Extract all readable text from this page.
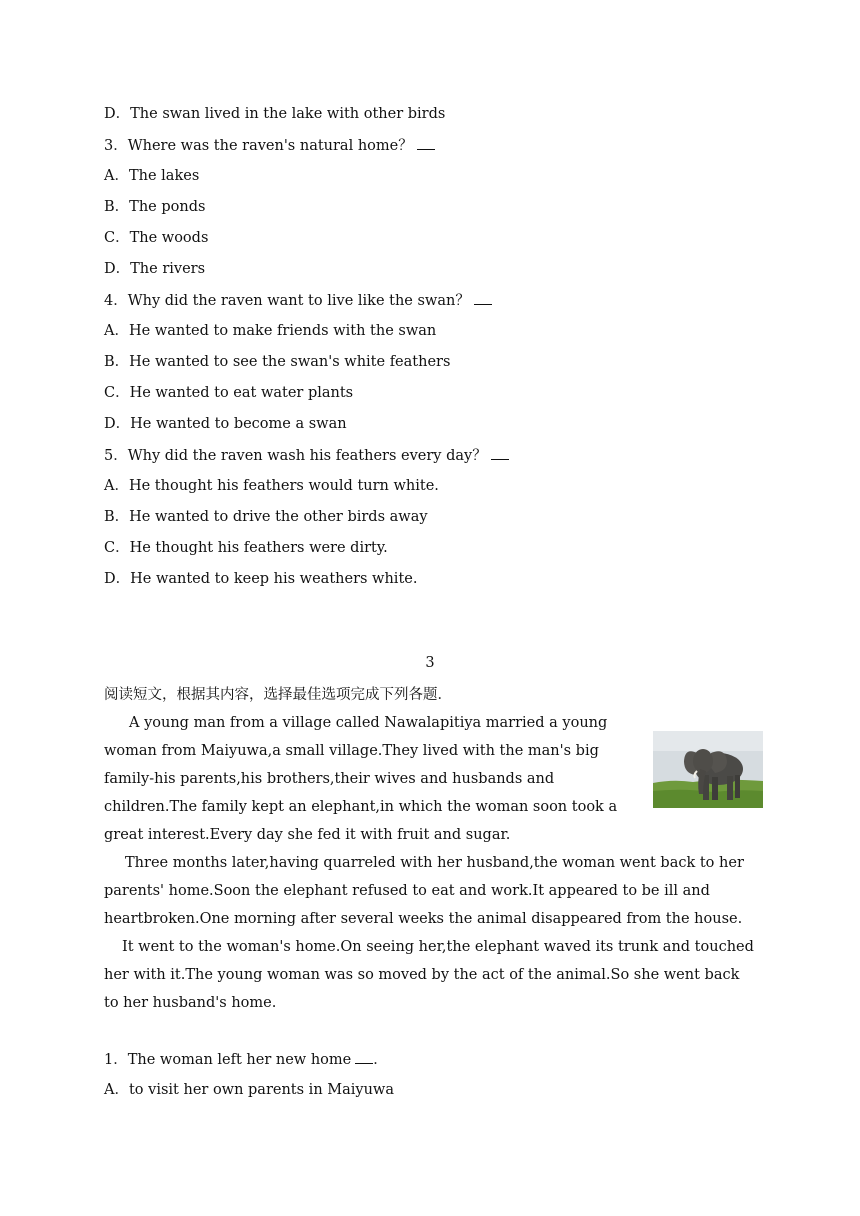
D．The swan lived in the lake with other birds
3．Where was the raven's natural home？
A．The lakes
B．The ponds
C．The woods
D．The rivers
4．Why did the raven want to live like the swan？
A．He wanted to make friends with the swan
B．He wanted to see the swan's white feathers
C．He wanted to eat water plants
D．He wanted to become a swan
5．Why did the raven wash his feathers every day？
A．He thought his feathers would turn white.
B．He wanted to drive the other birds away
C．He thought his feathers were dirty.
D．He wanted to keep his weathers white.
3
阅读短文，根据其内容，选择最佳选项完成下列各题．

A young man from a village called Nawalapitiya married a young woman from Maiyuwa,a small village.They lived with the man's big family-his parents,his brothers,their wives and husbands and children.The family kept an elephant,in which the woman soon took a great interest.Every day she fed it with fruit and sugar.

Three months later,having quarreled with her husband,the woman went back to her parents' home.Soon the elephant refused to eat and work.It appeared to be ill and heartbroken.One morning after several weeks the animal disappeared from the house.

It went to the woman's home.On seeing her,the elephant waved its trunk and touched her with it.The young woman was so moved by the act of the animal.So she went back to her husband's home.

1．The woman left her new home ．
A．to visit her own parents in Maiyuwa
